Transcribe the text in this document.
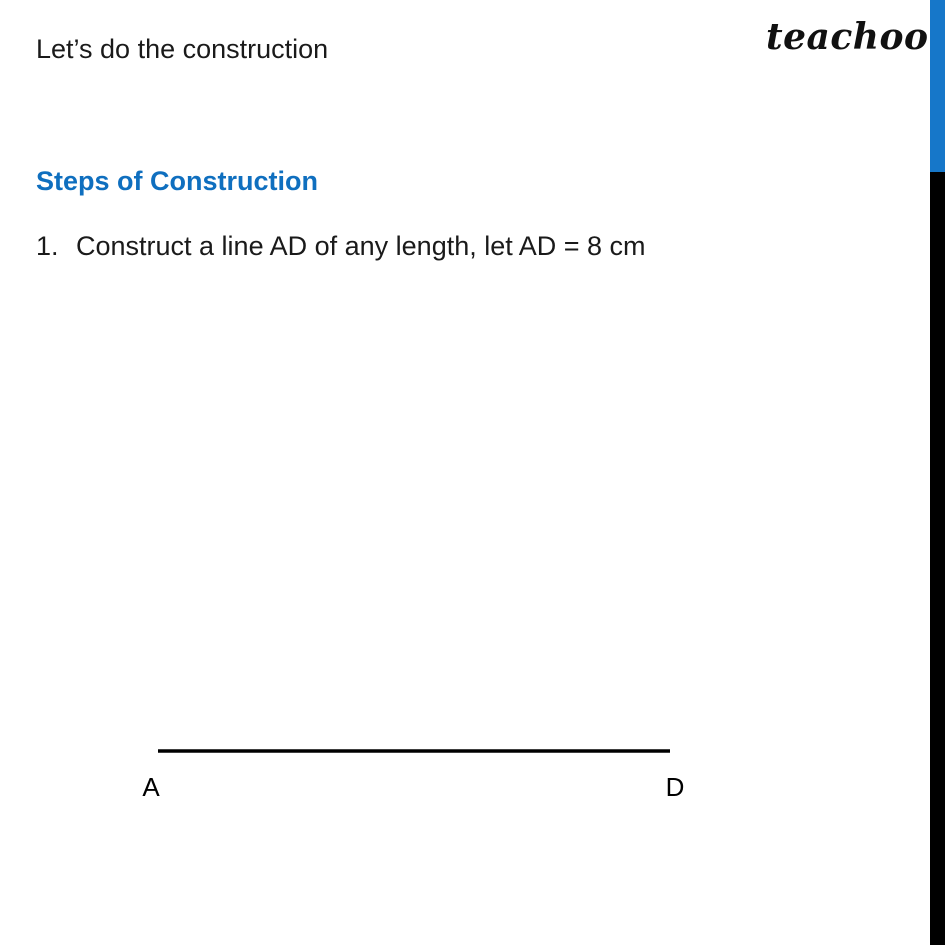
Let’s do the construction	teachoo
Steps of Construction
1. Construct a line AD of any length, let AD = 8 cm
A	D
